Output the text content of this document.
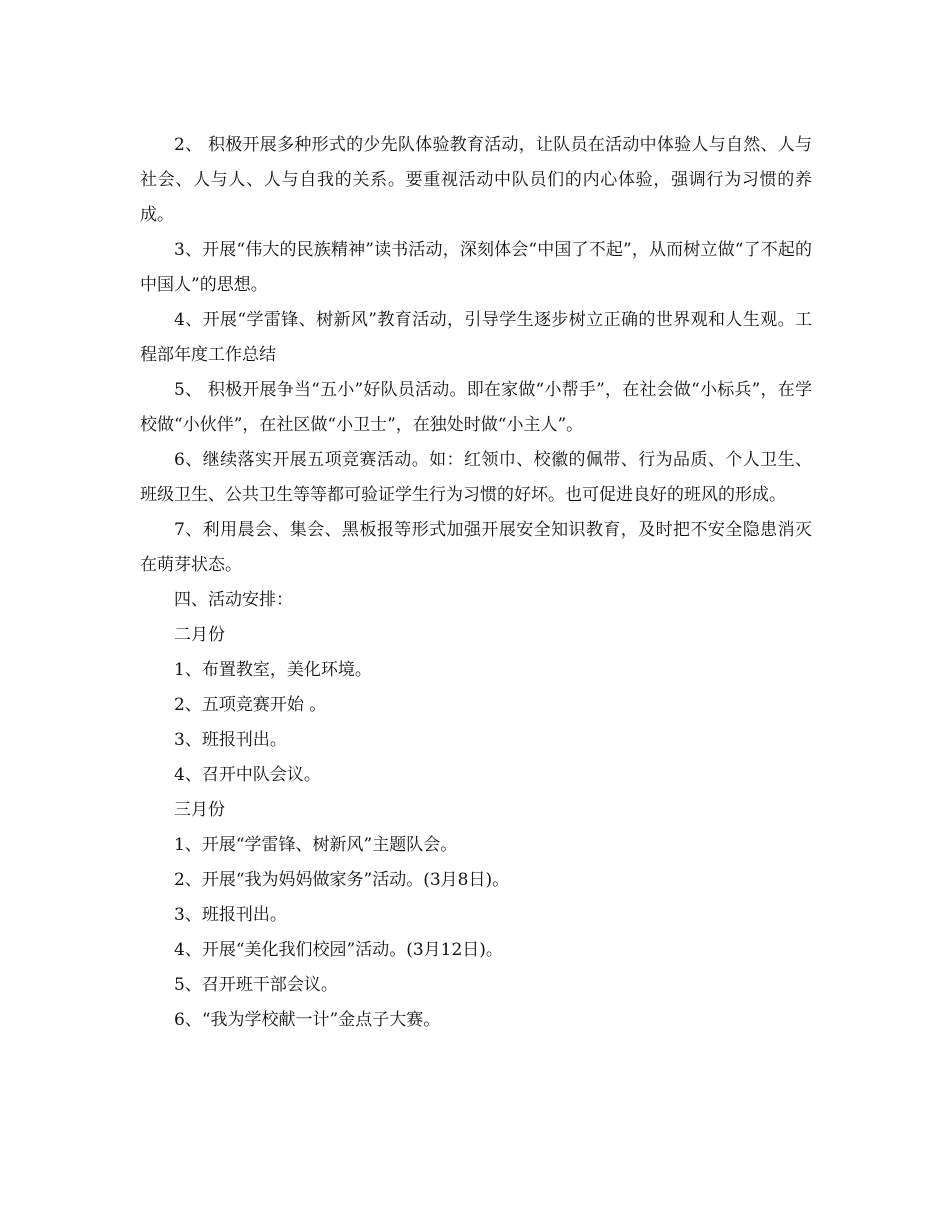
2、 积极开展多种形式的少先队体验教育活动，让队员在活动中体验人与自然、人与社会、人与人、人与自我的关系。要重视活动中队员们的内心体验，强调行为习惯的养成。

3、开展“伟大的民族精神”读书活动，深刻体会“中国了不起”，从而树立做“了不起的中国人”的思想。

4、开展“学雷锋、树新风”教育活动，引导学生逐步树立正确的世界观和人生观。工程部年度工作总结

5、 积极开展争当“五小”好队员活动。即在家做“小帮手”，在社会做“小标兵”，在学校做“小伙伴”，在社区做“小卫士”，在独处时做“小主人”。

6、继续落实开展五项竞赛活动。如：红领巾、校徽的佩带、行为品质、个人卫生、班级卫生、公共卫生等等都可验证学生行为习惯的好坏。也可促进良好的班风的形成。

7、利用晨会、集会、黑板报等形式加强开展安全知识教育，及时把不安全隐患消灭在萌芽状态。

四、活动安排：

二月份

1、布置教室，美化环境。

2、五项竞赛开始 。

3、班报刊出。

4、召开中队会议。

三月份

1、开展“学雷锋、树新风”主题队会。

2、开展“我为妈妈做家务”活动。(3月8日)。

3、班报刊出。

4、开展“美化我们校园”活动。(3月12日)。

5、召开班干部会议。

6、“我为学校献一计”金点子大赛。
